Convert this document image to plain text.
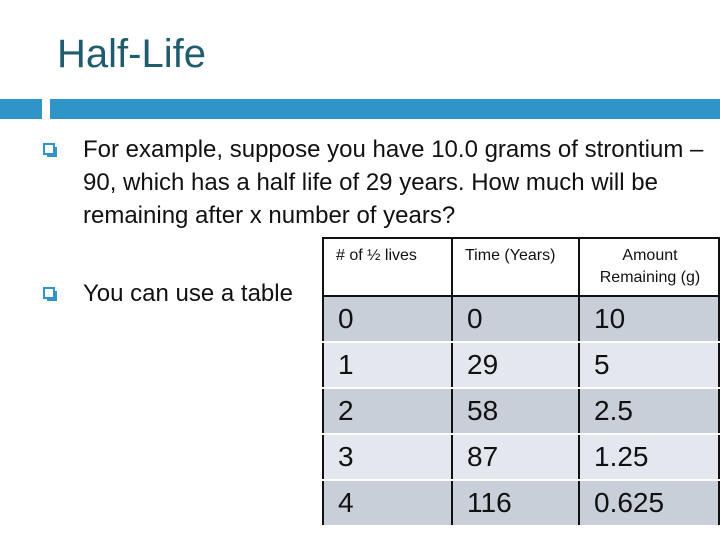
Half-Life
For example, suppose you have 10.0 grams of strontium – 90, which has a half life of 29 years. How much will be remaining after x number of years?
You can use a table
# of ½ lives	Time (Years)	Amount Remaining (g)
0	0	10
1	29	5
2	58	2.5
3	87	1.25
4	116	0.625
